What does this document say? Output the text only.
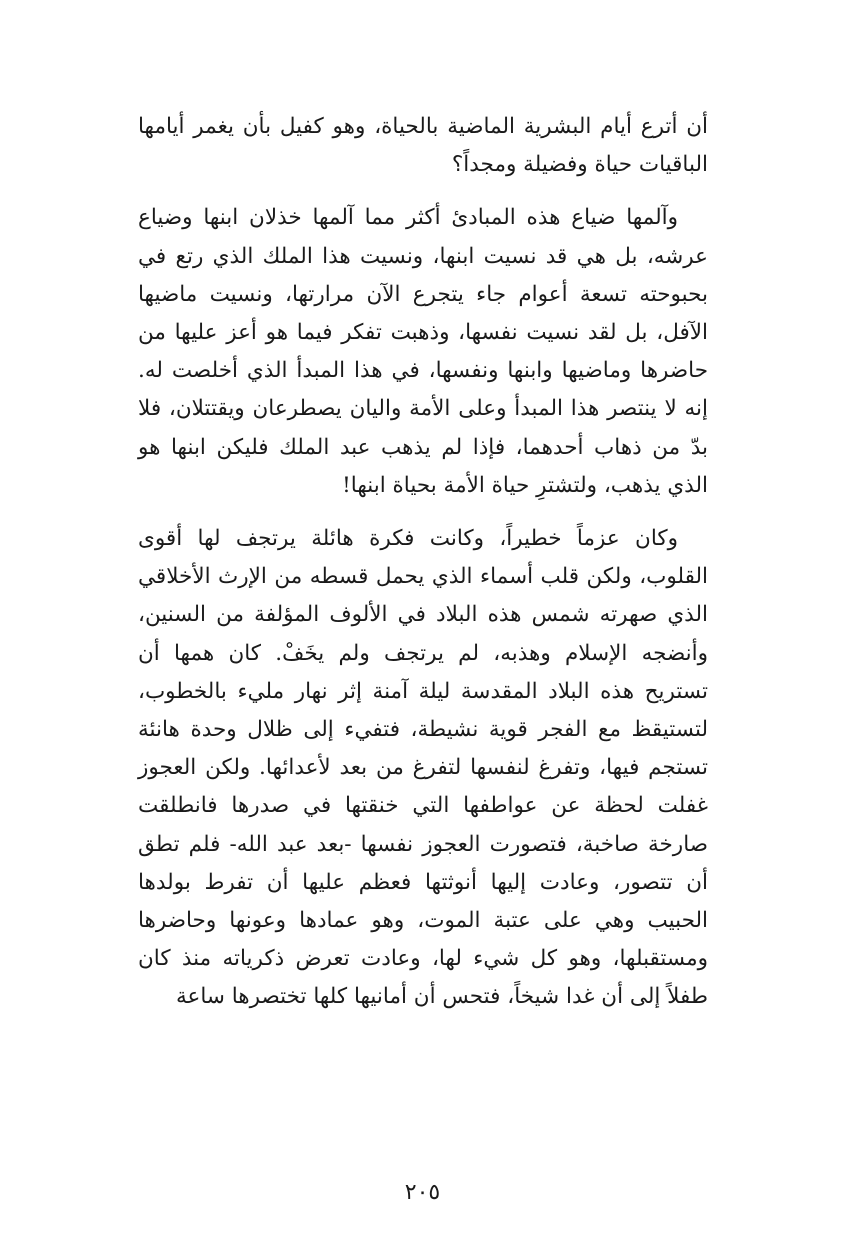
أن أترع أيام البشرية الماضية بالحياة، وهو كفيل بأن يغمر أيامها الباقيات حياة وفضيلة ومجداً؟

وآلمها ضياع هذه المبادئ أكثر مما آلمها خذلان ابنها وضياع عرشه، بل هي قد نسيت ابنها، ونسيت هذا الملك الذي رتع في بحبوحته تسعة أعوام جاء يتجرع الآن مرارتها، ونسيت ماضيها الآفل، بل لقد نسيت نفسها، وذهبت تفكر فيما هو أعز عليها من حاضرها وماضيها وابنها ونفسها، في هذا المبدأ الذي أخلصت له. إنه لا ينتصر هذا المبدأ وعلى الأمة واليان يصطرعان ويقتتلان، فلا بدّ من ذهاب أحدهما، فإذا لم يذهب عبد الملك فليكن ابنها هو الذي يذهب، ولتشترِ حياة الأمة بحياة ابنها!

وكان عزماً خطيراً، وكانت فكرة هائلة يرتجف لها أقوى القلوب، ولكن قلب أسماء الذي يحمل قسطه من الإرث الأخلاقي الذي صهرته شمس هذه البلاد في الألوف المؤلفة من السنين، وأنضجه الإسلام وهذبه، لم يرتجف ولم يخَفْ. كان همها أن تستريح هذه البلاد المقدسة ليلة آمنة إثر نهار مليء بالخطوب، لتستيقظ مع الفجر قوية نشيطة، فتفيء إلى ظلال وحدة هانئة تستجم فيها، وتفرغ لنفسها لتفرغ من بعد لأعدائها. ولكن العجوز غفلت لحظة عن عواطفها التي خنقتها في صدرها فانطلقت صارخة صاخبة، فتصورت العجوز نفسها -بعد عبد الله- فلم تطق أن تتصور، وعادت إليها أنوثتها فعظم عليها أن تفرط بولدها الحبيب وهي على عتبة الموت، وهو عمادها وعونها وحاضرها ومستقبلها، وهو كل شيء لها، وعادت تعرض ذكرياته منذ كان طفلاً إلى أن غدا شيخاً، فتحس أن أمانيها كلها تختصرها ساعة

٢٠٥
